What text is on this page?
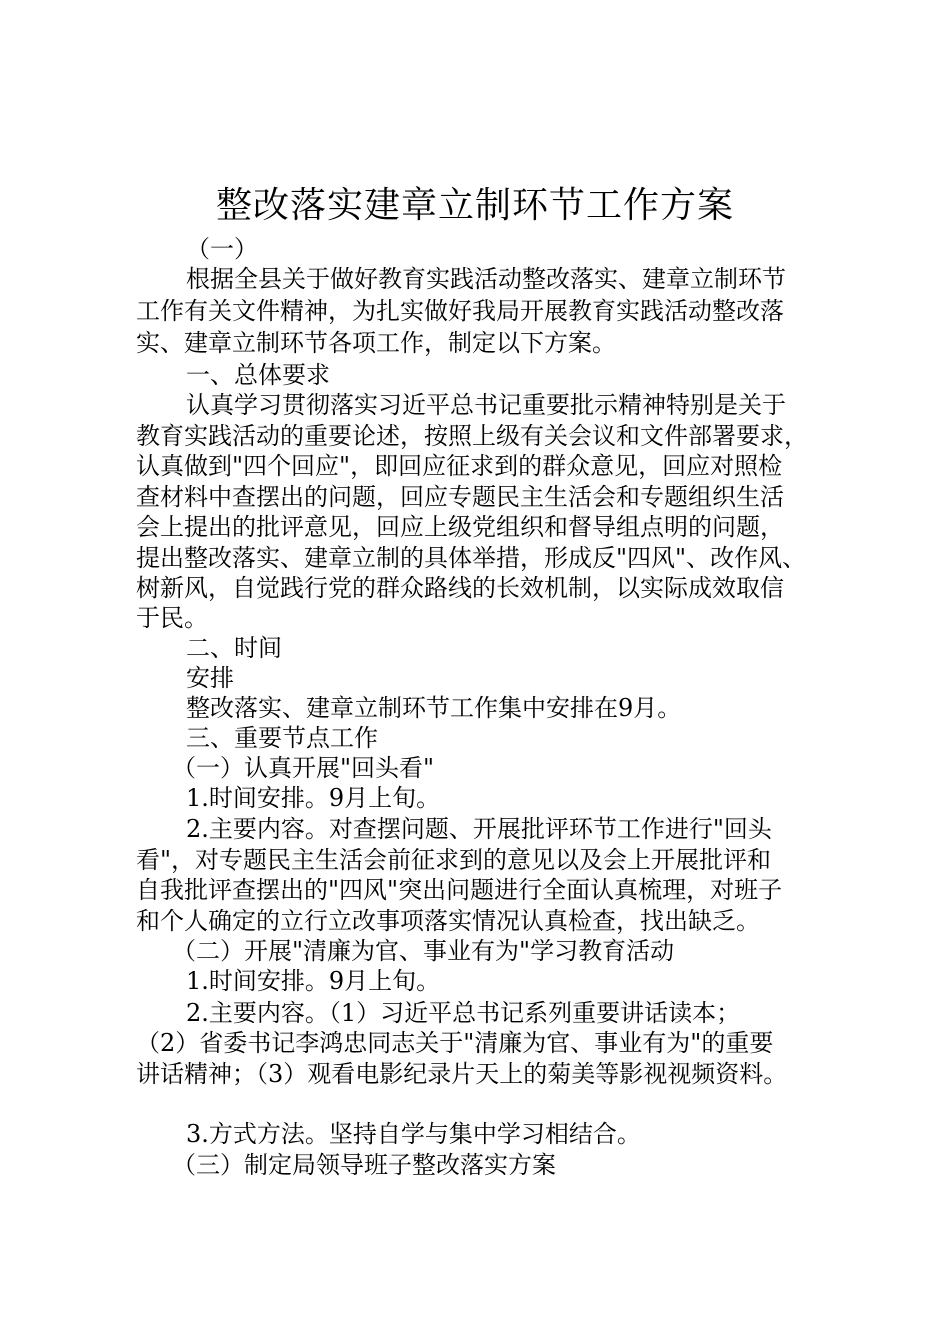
整改落实建章立制环节工作方案
（一）
根据全县关于做好教育实践活动整改落实、建章立制环节
工作有关文件精神，为扎实做好我局开展教育实践活动整改落
实、建章立制环节各项工作，制定以下方案。
一、总体要求
认真学习贯彻落实习近平总书记重要批示精神特别是关于
教育实践活动的重要论述，按照上级有关会议和文件部署要求，
认真做到"四个回应"，即回应征求到的群众意见，回应对照检
查材料中查摆出的问题，回应专题民主生活会和专题组织生活
会上提出的批评意见，回应上级党组织和督导组点明的问题，
提出整改落实、建章立制的具体举措，形成反"四风"、改作风、
树新风，自觉践行党的群众路线的长效机制，以实际成效取信
于民。
二、时间
安排
整改落实、建章立制环节工作集中安排在9月。
三、重要节点工作
（一）认真开展"回头看"
1.时间安排。9月上旬。
2.主要内容。对查摆问题、开展批评环节工作进行"回头
看"，对专题民主生活会前征求到的意见以及会上开展批评和
自我批评查摆出的"四风"突出问题进行全面认真梳理，对班子
和个人确定的立行立改事项落实情况认真检查，找出缺乏。
（二）开展"清廉为官、事业有为"学习教育活动
1.时间安排。9月上旬。
2.主要内容。（1）习近平总书记系列重要讲话读本；
（2）省委书记李鸿忠同志关于"清廉为官、事业有为"的重要
讲话精神；（3）观看电影纪录片天上的菊美等影视视频资料。
3.方式方法。坚持自学与集中学习相结合。
（三）制定局领导班子整改落实方案
